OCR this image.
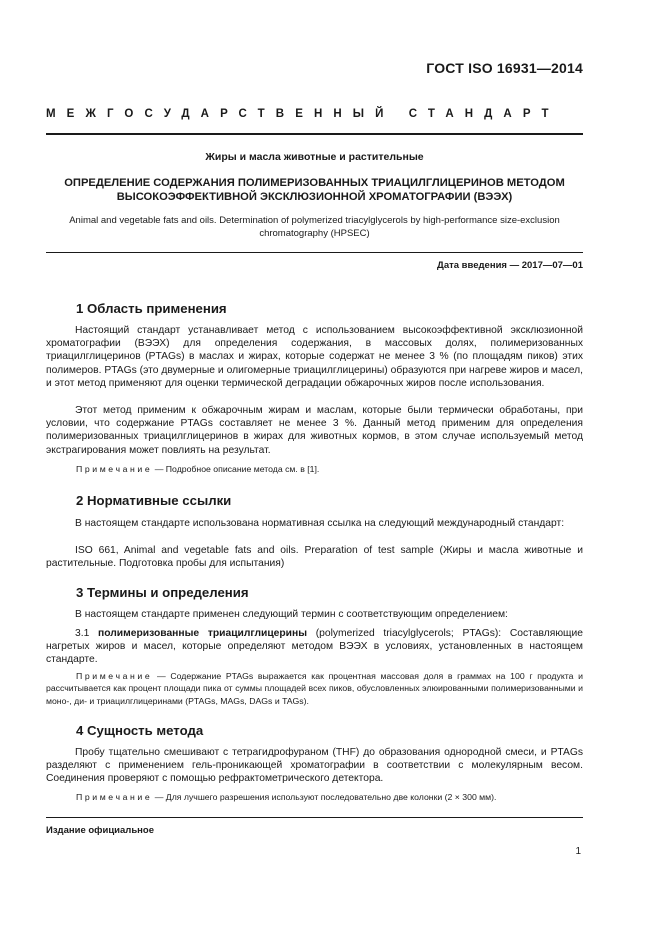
ГОСТ ISO 16931—2014
МЕЖГОСУДАРСТВЕННЫЙ СТАНДАРТ
Жиры и масла животные и растительные
ОПРЕДЕЛЕНИЕ СОДЕРЖАНИЯ ПОЛИМЕРИЗОВАННЫХ ТРИАЦИЛГЛИЦЕРИНОВ МЕТОДОМ
ВЫСОКОЭФФЕКТИВНОЙ ЭКСКЛЮЗИОННОЙ ХРОМАТОГРАФИИ (ВЭЭХ)
Animal and vegetable fats and oils. Determination of polymerized triacylglycerols by high-performance size-exclusion
chromatography (HPSEC)
Дата введения — 2017—07—01
1 Область применения
Настоящий стандарт устанавливает метод с использованием высокоэффективной эксклюзионной хроматографии (ВЭЭХ) для определения содержания, в массовых долях, полимеризованных триацилглицеринов (PTAGs) в маслах и жирах, которые содержат не менее 3 % (по площадям пиков) этих полимеров. PTAGs (это двумерные и олигомерные триацилглицерины) образуются при нагреве жиров и масел, и этот метод применяют для оценки термической деградации обжарочных жиров после использования.
Этот метод применим к обжарочным жирам и маслам, которые были термически обработаны, при условии, что содержание PTAGs составляет не менее 3 %. Данный метод применим для определения полимеризованных триацилглицеринов в жирах для животных кормов, в этом случае используемый метод экстрагирования может повлиять на результат.
Примечание — Подробное описание метода см. в [1].
2 Нормативные ссылки
В настоящем стандарте использована нормативная ссылка на следующий международный стандарт:
ISO 661, Animal and vegetable fats and oils. Preparation of test sample (Жиры и масла животные и растительные. Подготовка пробы для испытания)
3 Термины и определения
В настоящем стандарте применен следующий термин с соответствующим определением:
3.1 полимеризованные триацилглицерины (polymerized triacylglycerols; PTAGs): Составляющие нагретых жиров и масел, которые определяют методом ВЭЭХ в условиях, установленных в настоящем стандарте.
Примечание — Содержание PTAGs выражается как процентная массовая доля в граммах на 100 г продукта и рассчитывается как процент площади пика от суммы площадей всех пиков, обусловленных элюированными полимеризованными и моно-, ди- и триацилглицеринами (PTAGs, MAGs, DAGs и TAGs).
4 Сущность метода
Пробу тщательно смешивают с тетрагидрофураном (THF) до образования однородной смеси, и PTAGs разделяют с применением гель-проникающей хроматографии в соответствии с молекулярным весом. Соединения проверяют с помощью рефрактометрического детектора.
Примечание — Для лучшего разрешения используют последовательно две колонки (2 × 300 мм).
Издание официальное
1
